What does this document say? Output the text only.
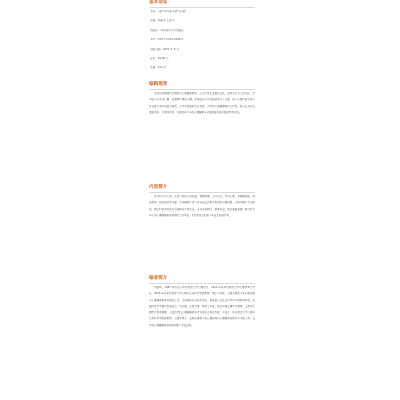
基本信息
书名：《美少年实用手册与心理》
主编：刘丽华 王爱芹
出版社：华东师范大学出版社
书号：978-7-5760-1006-5
出版日期：2021 年 8 月
定价：49.80 元
页数：224 页
编辑推荐

本书包括情绪认识调控与心理健康教育、认识个性化发展及自我、同伴关系与人际交往、学习能力与学业心理、青春期生理及心理、环境适应与生活技能等多个主题，每个主题均结合青少年日常生活中的真实案例，以专家答疑的方式呈现，为学校心理健康教育工作者、班主任及家长提供系统、实用的指导，对促进青少年的心理健康与全面发展具有重要的参考价值。

内容简介

本书共分为七章，从美少年的认知发展、情绪管理、人际交往、学习心理、青春期困惑、网络使用、职业规划等方面，系统梳理了青少年在成长过程中常见的心理问题，分析问题产生的原因，提出科学有效的应对策略和干预方法。全书内容翔实，案例丰富，语言通俗易懂，既可作为中小学心理健康教育教师的工作用书，也可供家长和青少年自主阅读参考。

编者简介

刘丽华，1987 年毕业于华东师范大学心理学系，1996 年获华东师范大学心理学博士学位。2006 年任华东师范大学心理与认知科学学院教授，博士生导师。主要从事青少年心理发展与心理健康教育的研究工作，主持国家社会科学基金、教育部人文社会科学等多项科研项目，在国内外学术期刊发表论文一百余篇，出版专著、教材十余部。现任中国心理学会理事、上海市心理学会常务理事、上海市学校心理健康教育专家委员会委员等职。王爱芹，华东师范大学心理与认知科学学院副教授，心理学博士，长期从事青少年心理咨询与心理辅导的教学与实践工作，在学校心理健康教育领域积累了丰富经验。
